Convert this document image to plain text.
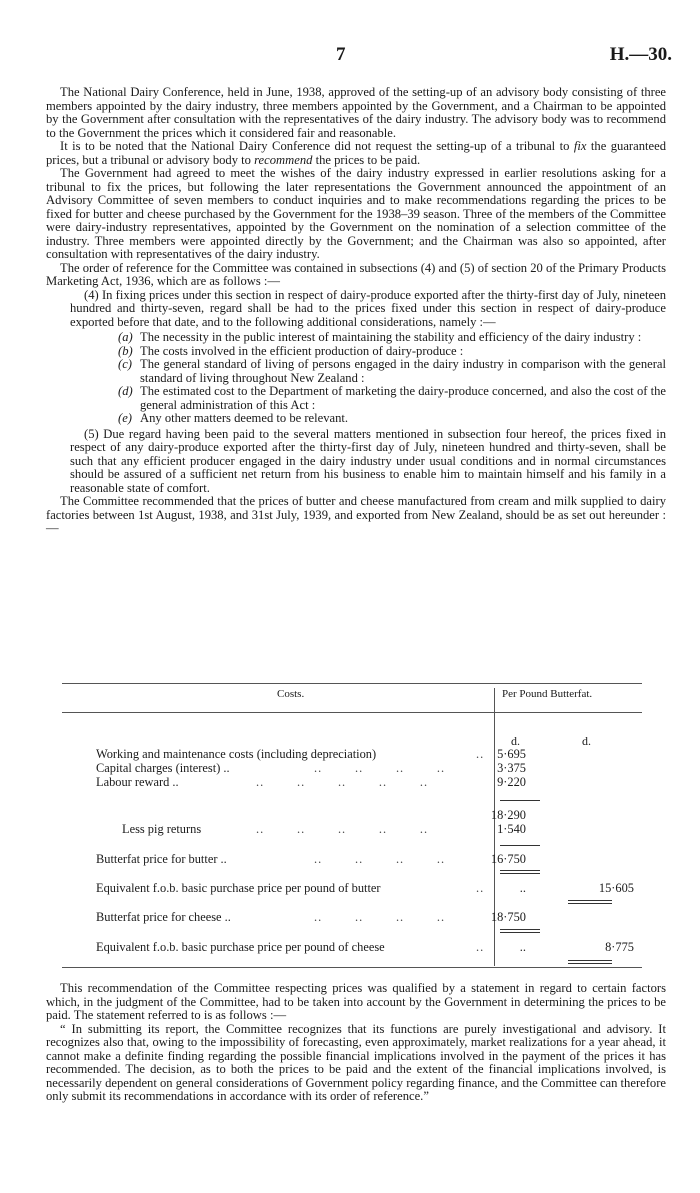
7	H.—30.

The National Dairy Conference, held in June, 1938, approved of the setting-up of an advisory body consisting of three members appointed by the dairy industry, three members appointed by the Government, and a Chairman to be appointed by the Government after consultation with the representatives of the dairy industry. The advisory body was to recommend to the Government the prices which it considered fair and reasonable.

It is to be noted that the National Dairy Conference did not request the setting-up of a tribunal to fix the guaranteed prices, but a tribunal or advisory body to recommend the prices to be paid.

The Government had agreed to meet the wishes of the dairy industry expressed in earlier resolutions asking for a tribunal to fix the prices, but following the later representations the Government announced the appointment of an Advisory Committee of seven members to conduct inquiries and to make recommendations regarding the prices to be fixed for butter and cheese purchased by the Government for the 1938–39 season. Three of the members of the Committee were dairy-industry representatives, appointed by the Government on the nomination of a selection committee of the industry. Three members were appointed directly by the Government; and the Chairman was also so appointed, after consultation with representatives of the dairy industry.

The order of reference for the Committee was contained in subsections (4) and (5) of section 20 of the Primary Products Marketing Act, 1936, which are as follows :—

(4) In fixing prices under this section in respect of dairy-produce exported after the thirty-first day of July, nineteen hundred and thirty-seven, regard shall be had to the prices fixed under this section in respect of dairy-produce exported before that date, and to the following additional considerations, namely :—

(a) The necessity in the public interest of maintaining the stability and efficiency of the dairy industry :
(b) The costs involved in the efficient production of dairy-produce :
(c) The general standard of living of persons engaged in the dairy industry in comparison with the general standard of living throughout New Zealand :
(d) The estimated cost to the Department of marketing the dairy-produce concerned, and also the cost of the general administration of this Act :
(e) Any other matters deemed to be relevant.

(5) Due regard having been paid to the several matters mentioned in subsection four hereof, the prices fixed in respect of any dairy-produce exported after the thirty-first day of July, nineteen hundred and thirty-seven, shall be such that any efficient producer engaged in the dairy industry under usual conditions and in normal circumstances should be assured of a sufficient net return from his business to enable him to maintain himself and his family in a reasonable state of comfort.

The Committee recommended that the prices of butter and cheese manufactured from cream and milk supplied to dairy factories between 1st August, 1938, and 31st July, 1939, and exported from New Zealand, should be as set out hereunder :—

Costs.	Per Pound Butterfat.
d.	d.
Working and maintenance costs (including depreciation)	..	5·695
Capital charges (interest) ..	..        ..        ..        ..	3·375
Labour reward ..	..        ..        ..        ..        ..	9·220
18·290
Less pig returns	..        ..        ..        ..        ..	1·540
Butterfat price for butter ..	..        ..        ..        ..	16·750
Equivalent f.o.b. basic purchase price per pound of butter	..	..	15·605
Butterfat price for cheese ..	..        ..        ..        ..	18·750
Equivalent f.o.b. basic purchase price per pound of cheese	..	..	8·775

This recommendation of the Committee respecting prices was qualified by a statement in regard to certain factors which, in the judgment of the Committee, had to be taken into account by the Government in determining the prices to be paid. The statement referred to is as follows :—

“ In submitting its report, the Committee recognizes that its functions are purely investigational and advisory. It recognizes also that, owing to the impossibility of forecasting, even approximately, market realizations for a year ahead, it cannot make a definite finding regarding the possible financial implications involved in the payment of the prices it has recommended. The decision, as to both the prices to be paid and the extent of the financial implications involved, is necessarily dependent on general considerations of Government policy regarding finance, and the Committee can therefore only submit its recommendations in accordance with its order of reference.”
